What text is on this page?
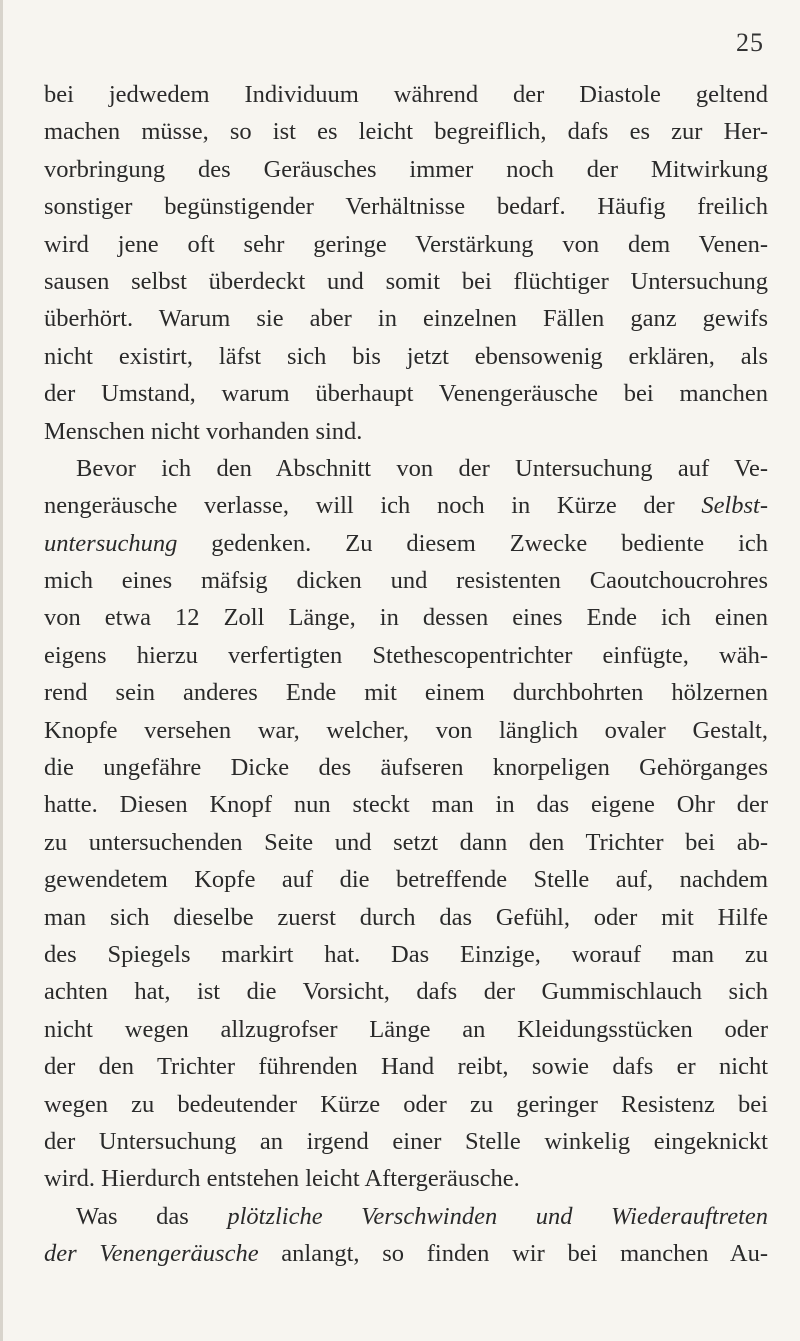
25
bei jedwedem Individuum während der Diastole geltend
machen müsse, so ist es leicht begreiflich, dafs es zur Her-
vorbringung des Geräusches immer noch der Mitwirkung
sonstiger begünstigender Verhältnisse bedarf. Häufig freilich
wird jene oft sehr geringe Verstärkung von dem Venen-
sausen selbst überdeckt und somit bei flüchtiger Untersuchung
überhört. Warum sie aber in einzelnen Fällen ganz gewifs
nicht existirt, läfst sich bis jetzt ebensowenig erklären, als
der Umstand, warum überhaupt Venengeräusche bei manchen
Menschen nicht vorhanden sind.
Bevor ich den Abschnitt von der Untersuchung auf Ve-
nengeräusche verlasse, will ich noch in Kürze der Selbst-
untersuchung gedenken. Zu diesem Zwecke bediente ich
mich eines mäfsig dicken und resistenten Caoutchoucrohres
von etwa 12 Zoll Länge, in dessen eines Ende ich einen
eigens hierzu verfertigten Stethescopentrichter einfügte, wäh-
rend sein anderes Ende mit einem durchbohrten hölzernen
Knopfe versehen war, welcher, von länglich ovaler Gestalt,
die ungefähre Dicke des äufseren knorpeligen Gehörganges
hatte. Diesen Knopf nun steckt man in das eigene Ohr der
zu untersuchenden Seite und setzt dann den Trichter bei ab-
gewendetem Kopfe auf die betreffende Stelle auf, nachdem
man sich dieselbe zuerst durch das Gefühl, oder mit Hilfe
des Spiegels markirt hat. Das Einzige, worauf man zu
achten hat, ist die Vorsicht, dafs der Gummischlauch sich
nicht wegen allzugrofser Länge an Kleidungsstücken oder
der den Trichter führenden Hand reibt, sowie dafs er nicht
wegen zu bedeutender Kürze oder zu geringer Resistenz bei
der Untersuchung an irgend einer Stelle winkelig eingeknickt
wird. Hierdurch entstehen leicht Aftergeräusche.
Was das plötzliche Verschwinden und Wiederauftreten
der Venengeräusche anlangt, so finden wir bei manchen Au-
